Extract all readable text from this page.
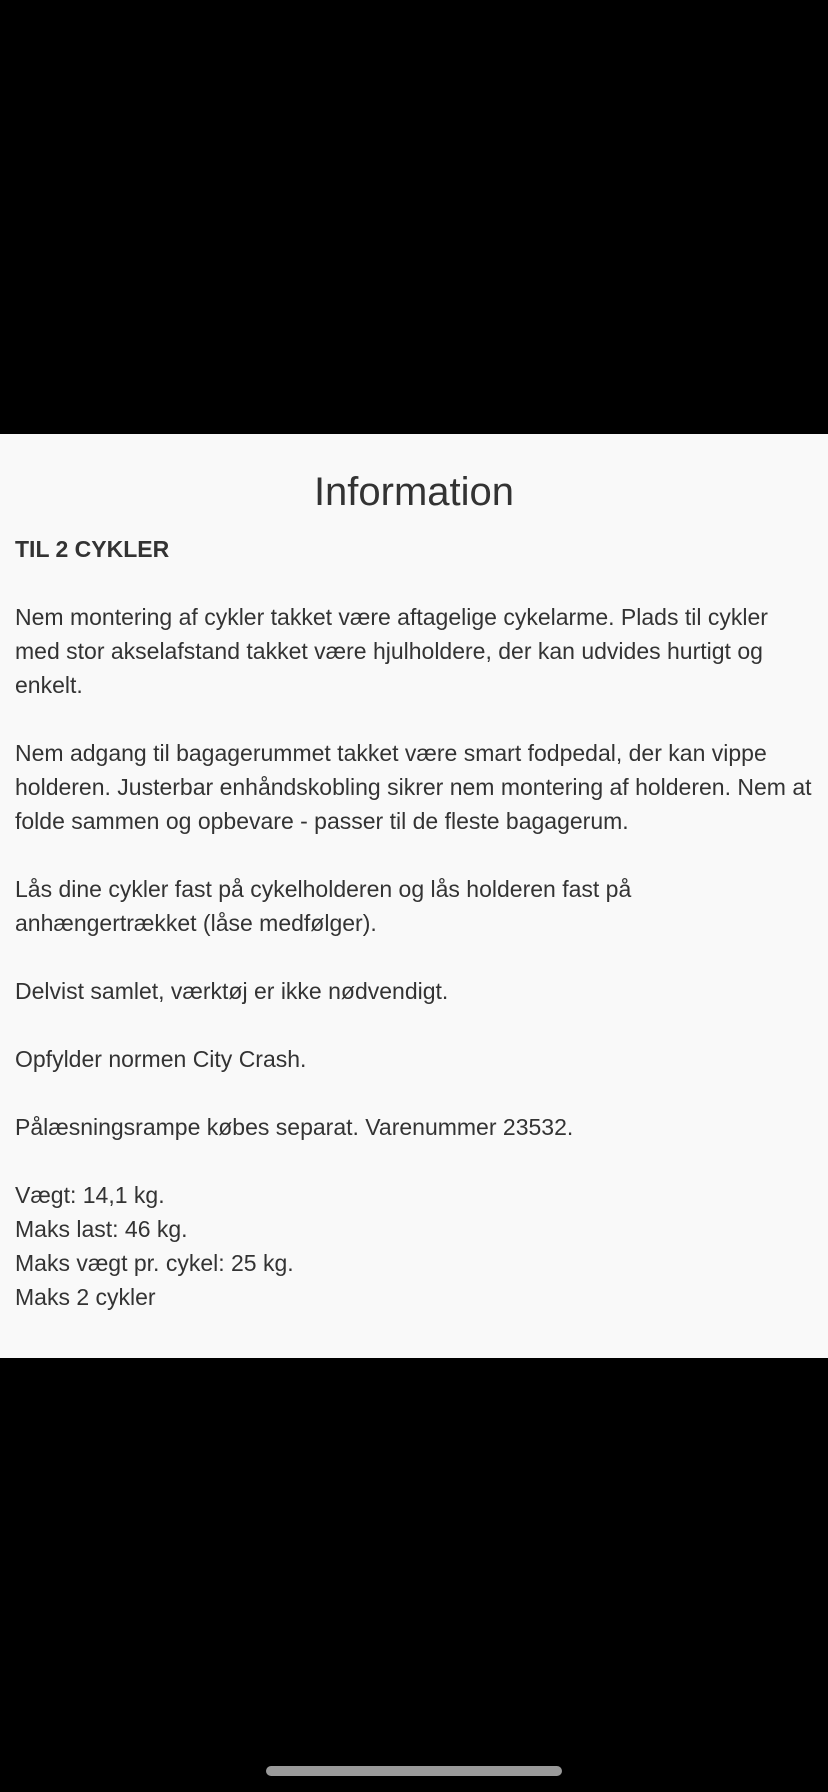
Information

TIL 2 CYKLER

Nem montering af cykler takket være aftagelige cykelarme. Plads til cykler med stor akselafstand takket være hjulholdere, der kan udvides hurtigt og enkelt.

Nem adgang til bagagerummet takket være smart fodpedal, der kan vippe holderen. Justerbar enhåndskobling sikrer nem montering af holderen. Nem at folde sammen og opbevare - passer til de fleste bagagerum.

Lås dine cykler fast på cykelholderen og lås holderen fast på anhængertrækket (låse medfølger).

Delvist samlet, værktøj er ikke nødvendigt.

Opfylder normen City Crash.

Pålæsningsrampe købes separat. Varenummer 23532.

Vægt: 14,1 kg.
Maks last: 46 kg.
Maks vægt pr. cykel: 25 kg.
Maks 2 cykler
